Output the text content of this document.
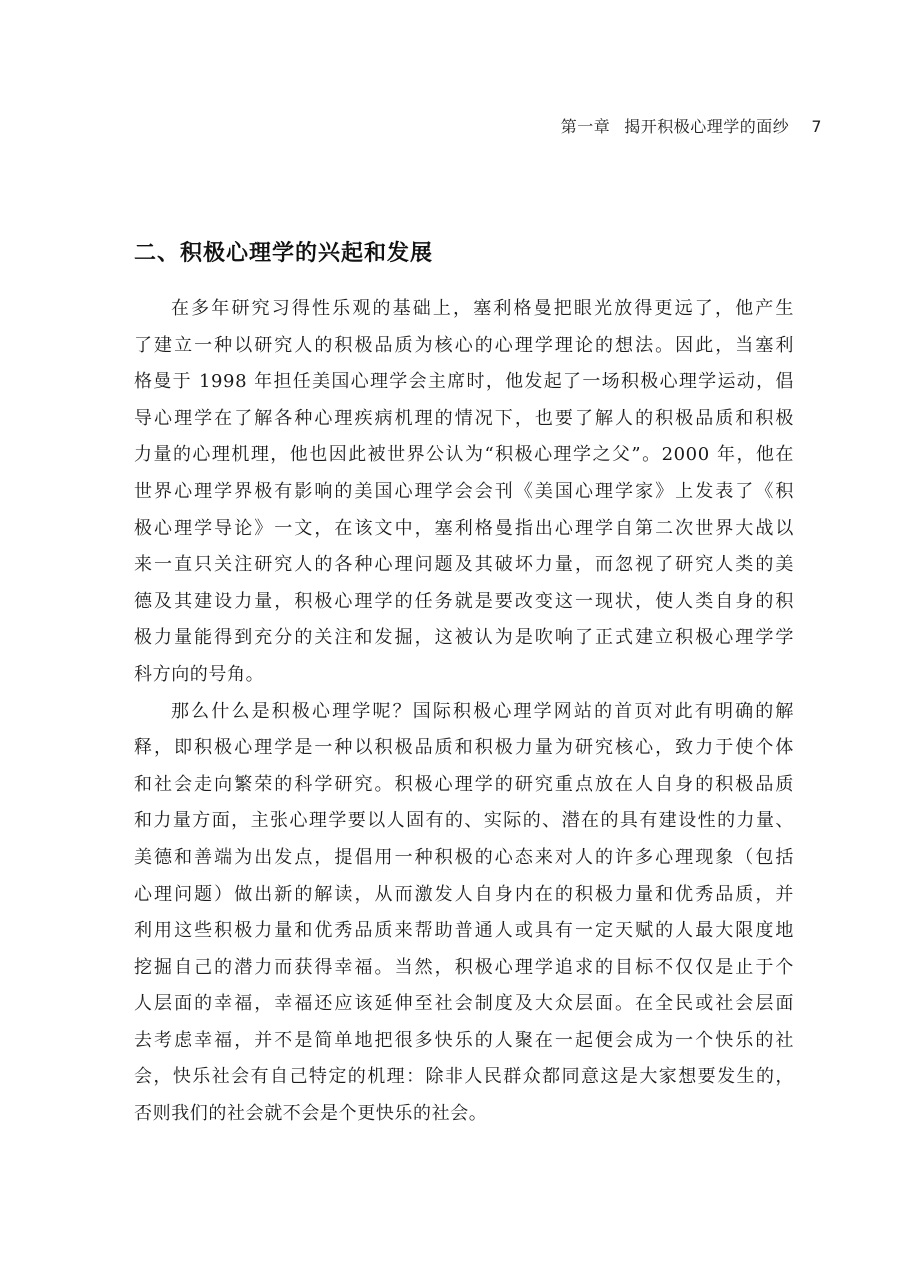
第一章 揭开积极心理学的面纱 7
二、积极心理学的兴起和发展

在多年研究习得性乐观的基础上，塞利格曼把眼光放得更远了，他产生
了建立一种以研究人的积极品质为核心的心理学理论的想法。因此，当塞利
格曼于 1998 年担任美国心理学会主席时，他发起了一场积极心理学运动，倡
导心理学在了解各种心理疾病机理的情况下，也要了解人的积极品质和积极
力量的心理机理，他也因此被世界公认为“积极心理学之父”。2000 年，他在
世界心理学界极有影响的美国心理学会会刊《美国心理学家》上发表了《积
极心理学导论》一文，在该文中，塞利格曼指出心理学自第二次世界大战以
来一直只关注研究人的各种心理问题及其破坏力量，而忽视了研究人类的美
德及其建设力量，积极心理学的任务就是要改变这一现状，使人类自身的积
极力量能得到充分的关注和发掘，这被认为是吹响了正式建立积极心理学学
科方向的号角。

那么什么是积极心理学呢？国际积极心理学网站的首页对此有明确的解
释，即积极心理学是一种以积极品质和积极力量为研究核心，致力于使个体
和社会走向繁荣的科学研究。积极心理学的研究重点放在人自身的积极品质
和力量方面，主张心理学要以人固有的、实际的、潜在的具有建设性的力量、
美德和善端为出发点，提倡用一种积极的心态来对人的许多心理现象（包括
心理问题）做出新的解读，从而激发人自身内在的积极力量和优秀品质，并
利用这些积极力量和优秀品质来帮助普通人或具有一定天赋的人最大限度地
挖掘自己的潜力而获得幸福。当然，积极心理学追求的目标不仅仅是止于个
人层面的幸福，幸福还应该延伸至社会制度及大众层面。在全民或社会层面
去考虑幸福，并不是简单地把很多快乐的人聚在一起便会成为一个快乐的社
会，快乐社会有自己特定的机理：除非人民群众都同意这是大家想要发生的，
否则我们的社会就不会是个更快乐的社会。
